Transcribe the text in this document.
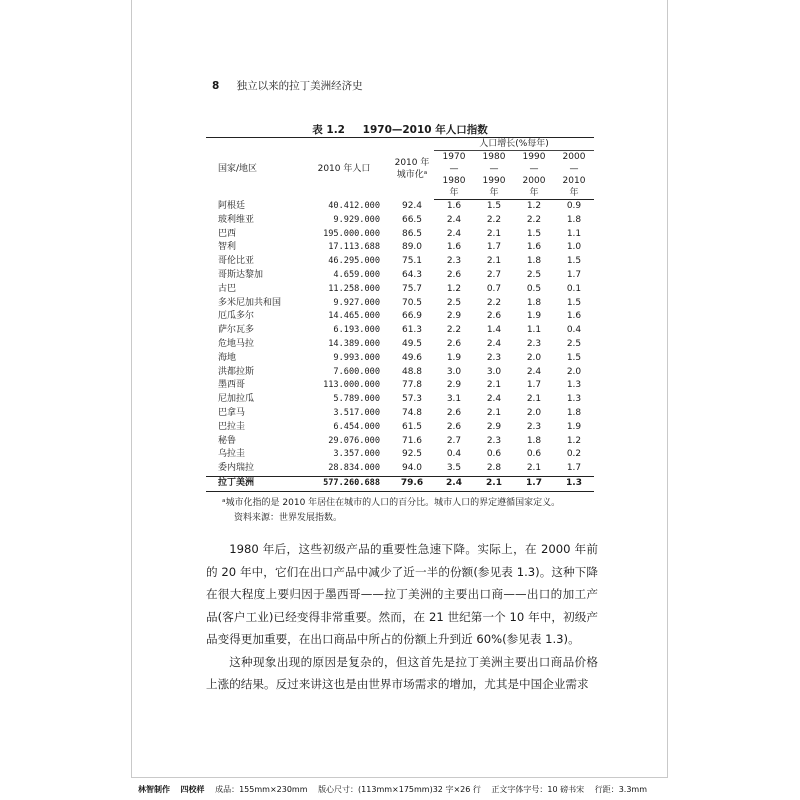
8 独立以来的拉丁美洲经济史
表 1.2 1970—2010 年人口指数
国家/地区	2010 年人口	2010 年城市化ᵃ	人口增长(%每年)			
			1970—1980 年	1980—1990 年	1990—2000 年	2000—2010 年
阿根廷	40.412.000	92.4	1.6	1.5	1.2	0.9
玻利维亚	9.929.000	66.5	2.4	2.2	2.2	1.8
巴西	195.000.000	86.5	2.4	2.1	1.5	1.1
智利	17.113.688	89.0	1.6	1.7	1.6	1.0
哥伦比亚	46.295.000	75.1	2.3	2.1	1.8	1.5
哥斯达黎加	4.659.000	64.3	2.6	2.7	2.5	1.7
古巴	11.258.000	75.7	1.2	0.7	0.5	0.1
多米尼加共和国	9.927.000	70.5	2.5	2.2	1.8	1.5
厄瓜多尔	14.465.000	66.9	2.9	2.6	1.9	1.6
萨尔瓦多	6.193.000	61.3	2.2	1.4	1.1	0.4
危地马拉	14.389.000	49.5	2.6	2.4	2.3	2.5
海地	9.993.000	49.6	1.9	2.3	2.0	1.5
洪都拉斯	7.600.000	48.8	3.0	3.0	2.4	2.0
墨西哥	113.000.000	77.8	2.9	2.1	1.7	1.3
尼加拉瓜	5.789.000	57.3	3.1	2.4	2.1	1.3
巴拿马	3.517.000	74.8	2.6	2.1	2.0	1.8
巴拉圭	6.454.000	61.5	2.6	2.9	2.3	1.9
秘鲁	29.076.000	71.6	2.7	2.3	1.8	1.2
乌拉圭	3.357.000	92.5	0.4	0.6	0.6	0.2
委内瑞拉	28.834.000	94.0	3.5	2.8	2.1	1.7
拉丁美洲	577.260.688	79.6	2.4	2.1	1.7	1.3
ᵃ城市化指的是 2010 年居住在城市的人口的百分比。城市人口的界定遵循国家定义。
资料来源：世界发展指数。

1980 年后，这些初级产品的重要性急速下降。实际上，在 2000 年前的 20 年中，它们在出口产品中减少了近一半的份额(参见表 1.3)。这种下降在很大程度上要归因于墨西哥——拉丁美洲的主要出口商——出口的加工产品(客户工业)已经变得非常重要。然而，在 21 世纪第一个 10 年中，初级产品变得更加重要，在出口商品中所占的份额上升到近 60%(参见表 1.3)。

这种现象出现的原因是复杂的，但这首先是拉丁美洲主要出口商品价格上涨的结果。反过来讲这也是由世界市场需求的增加，尤其是中国企业需求

林智制作 四校样 成品：155mm×230mm 版心尺寸：(113mm×175mm)32 字×26 行 正文字体字号：10 磅书宋 行距：3.3mm
